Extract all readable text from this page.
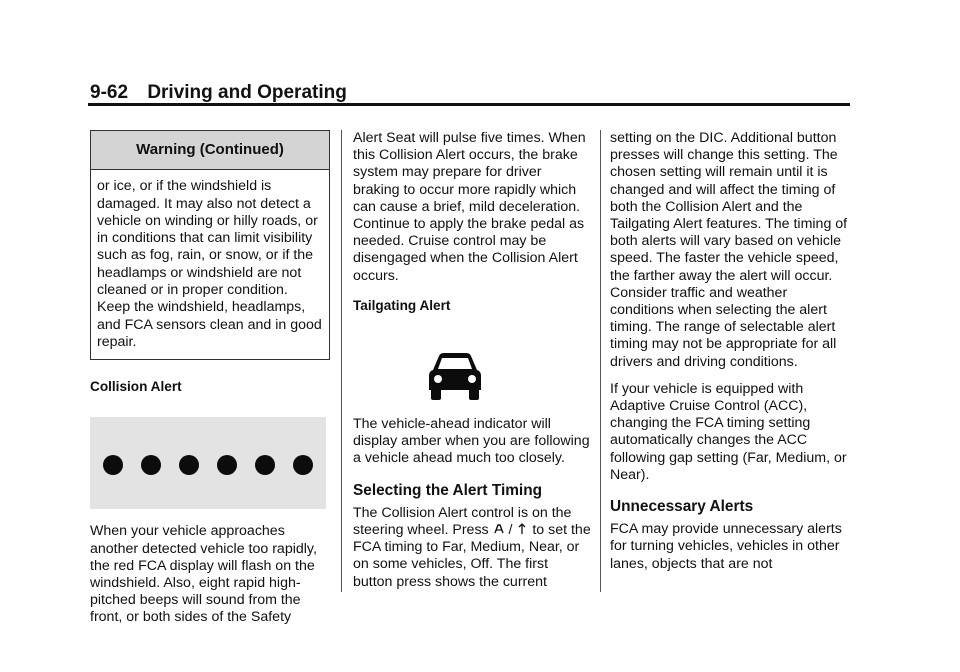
9-62 Driving and Operating
Warning (Continued)
or ice, or if the windshield is damaged. It may also not detect a vehicle on winding or hilly roads, or in conditions that can limit visibility such as fog, rain, or snow, or if the headlamps or windshield are not cleaned or in proper condition. Keep the windshield, headlamps, and FCA sensors clean and in good repair.
Collision Alert

When your vehicle approaches another detected vehicle too rapidly, the red FCA display will flash on the windshield. Also, eight rapid high-pitched beeps will sound from the front, or both sides of the Safety

Alert Seat will pulse five times. When this Collision Alert occurs, the brake system may prepare for driver braking to occur more rapidly which can cause a brief, mild deceleration. Continue to apply the brake pedal as needed. Cruise control may be disengaged when the Collision Alert occurs.

Tailgating Alert

The vehicle-ahead indicator will display amber when you are following a vehicle ahead much too closely.

Selecting the Alert Timing

The Collision Alert control is on the steering wheel. Press  /  to set the FCA timing to Far, Medium, Near, or on some vehicles, Off. The first button press shows the current

setting on the DIC. Additional button presses will change this setting. The chosen setting will remain until it is changed and will affect the timing of both the Collision Alert and the Tailgating Alert features. The timing of both alerts will vary based on vehicle speed. The faster the vehicle speed, the farther away the alert will occur. Consider traffic and weather conditions when selecting the alert timing. The range of selectable alert timing may not be appropriate for all drivers and driving conditions.

If your vehicle is equipped with Adaptive Cruise Control (ACC), changing the FCA timing setting automatically changes the ACC following gap setting (Far, Medium, or Near).

Unnecessary Alerts

FCA may provide unnecessary alerts for turning vehicles, vehicles in other lanes, objects that are not
